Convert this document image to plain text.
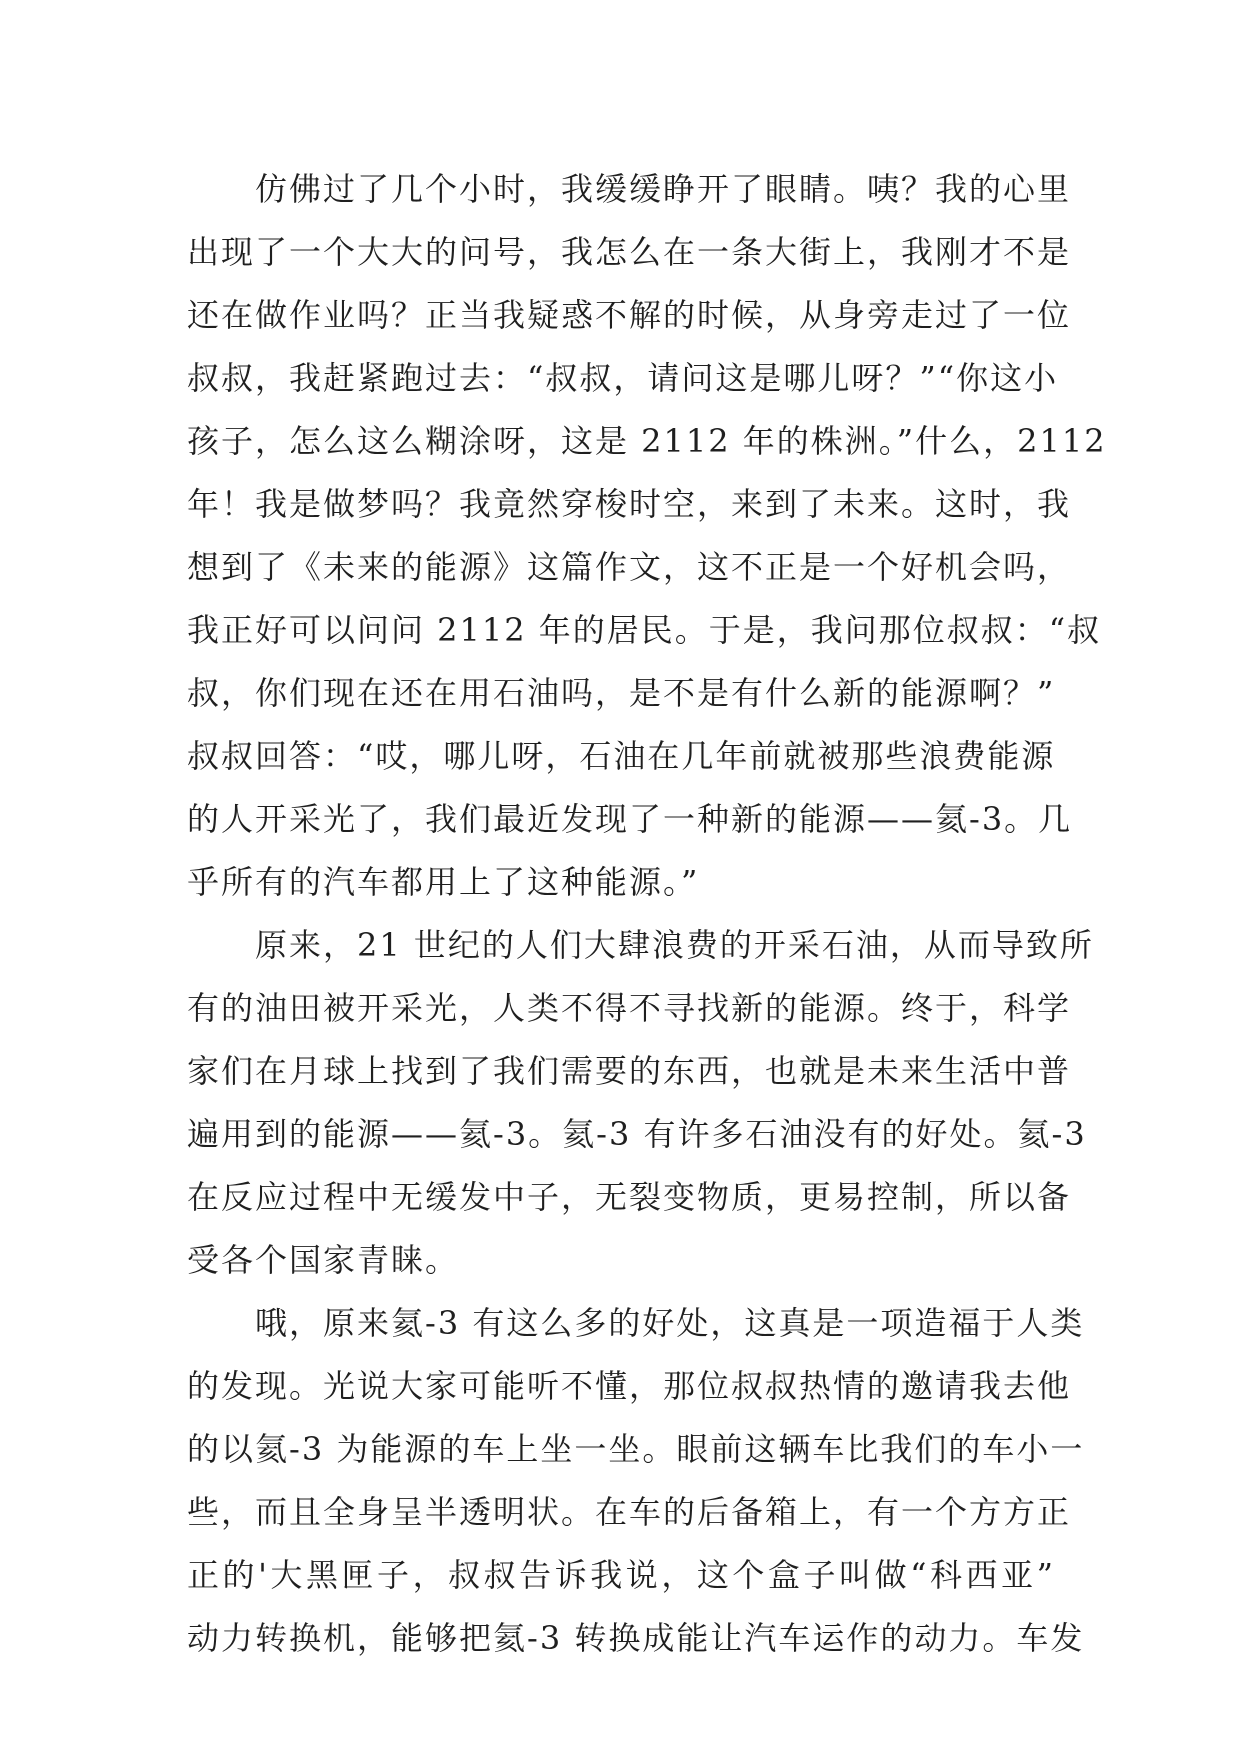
　　仿佛过了几个小时，我缓缓睁开了眼睛。咦？我的心里
出现了一个大大的问号，我怎么在一条大街上，我刚才不是
还在做作业吗？正当我疑惑不解的时候，从身旁走过了一位
叔叔，我赶紧跑过去：“叔叔，请问这是哪儿呀？”“你这小
孩子，怎么这么糊涂呀，这是 2112 年的株洲。”什么，2112
年！我是做梦吗？我竟然穿梭时空，来到了未来。这时，我
想到了《未来的能源》这篇作文，这不正是一个好机会吗，
我正好可以问问 2112 年的居民。于是，我问那位叔叔：“叔
叔，你们现在还在用石油吗，是不是有什么新的能源啊？”
叔叔回答：“哎，哪儿呀，石油在几年前就被那些浪费能源
的人开采光了，我们最近发现了一种新的能源——氦-3。几
乎所有的汽车都用上了这种能源。”
　　原来，21 世纪的人们大肆浪费的开采石油，从而导致所
有的油田被开采光，人类不得不寻找新的能源。终于，科学
家们在月球上找到了我们需要的东西，也就是未来生活中普
遍用到的能源——氦-3。氦-3 有许多石油没有的好处。氦-3
在反应过程中无缓发中子，无裂变物质，更易控制，所以备
受各个国家青睐。
　　哦，原来氦-3 有这么多的好处，这真是一项造福于人类
的发现。光说大家可能听不懂，那位叔叔热情的邀请我去他
的以氦-3 为能源的车上坐一坐。眼前这辆车比我们的车小一
些，而且全身呈半透明状。在车的后备箱上，有一个方方正
正的'大黑匣子，叔叔告诉我说，这个盒子叫做“科西亚”
动力转换机，能够把氦-3 转换成能让汽车运作的动力。车发
